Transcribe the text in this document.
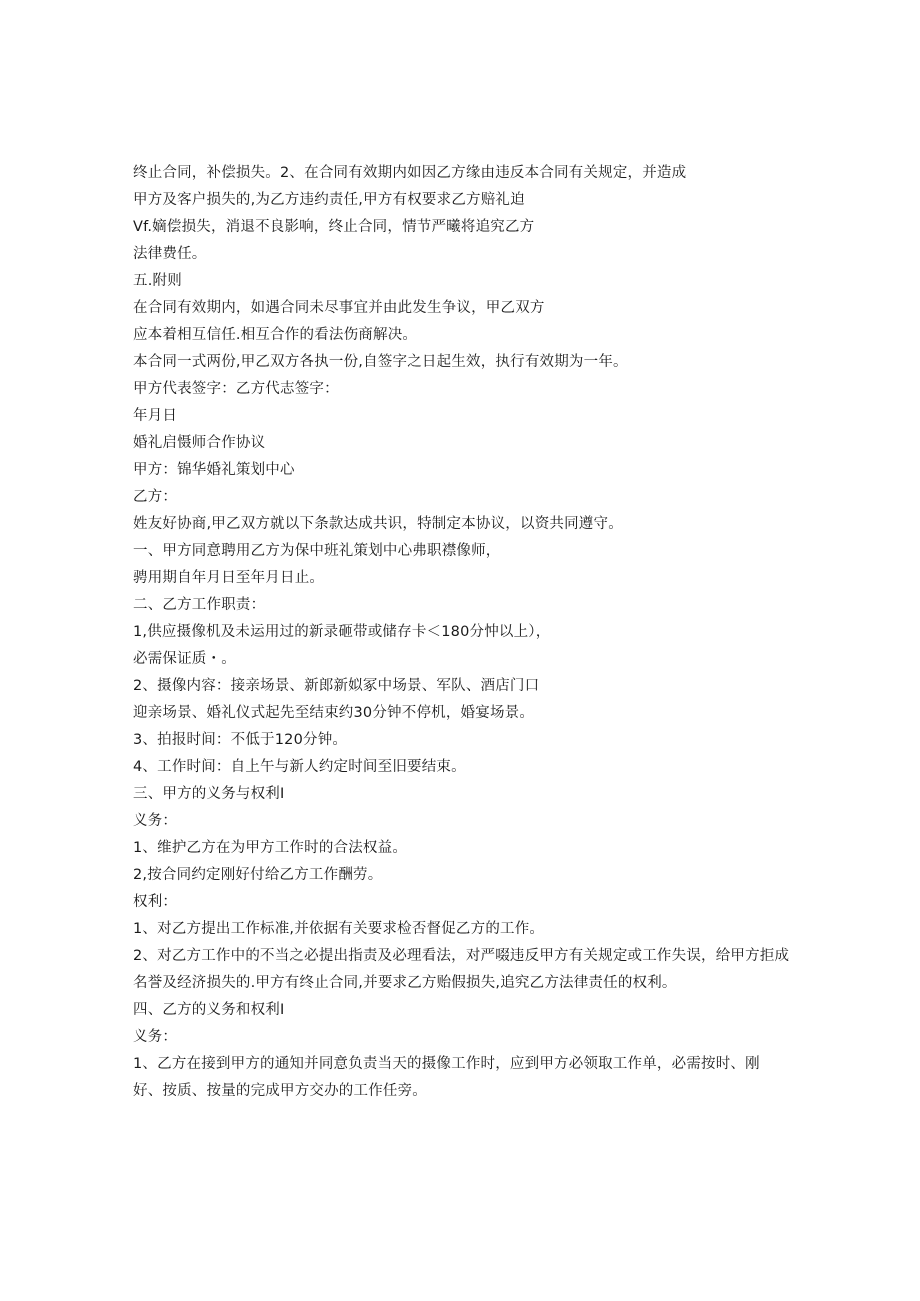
终止合同，补偿损失。2、在合同有效期内如因乙方缘由违反本合同有关规定，并造成
甲方及客户损失的,为乙方违约责任,甲方有权要求乙方赔礼迫
Vf.嫡偿损失，消退不良影响，终止合同，情节严曦将追究乙方
法律费任。
五.附则
在合同有效期内，如遇合同未尽事宜并由此发生争议，甲乙双方
应本着相互信任.相互合作的看法伤商解决。
本合同一式两份,甲乙双方各执一份,自签字之日起生效，执行有效期为一年。
甲方代表签字：乙方代志签字：
年月日
婚礼启慑师合作协议
甲方：锦华婚礼策划中心
乙方：
姓友好协商,甲乙双方就以下条款达成共识，特制定本协议，以资共同遵守。
一、甲方同意聘用乙方为保中班礼策划中心弗职襟像师，
骋用期自年月日至年月日止。
二、乙方工作职责：
1,供应摄像机及未运用过的新录砸带或储存卡＜180分忡以上），
必需保证质・。
2、摄像内容：接亲场景、新郎新姒冢中场景、军队、酒店门口
迎亲场景、婚礼仪式起先至结束约30分钟不停机，婚宴场景。
3、拍报时间：不低于120分钟。
4、工作时间：自上午与新人约定时间至旧要结束。
三、甲方的义务与权利I
义务：
1、维护乙方在为甲方工作时的合法权益。
2,按合同约定刚好付给乙方工作酬劳。
权利：
1、对乙方提出工作标准,并依据有关要求检否督促乙方的工作。
2、对乙方工作中的不当之必提出指责及必理看法，对严啜违反甲方有关规定或工作失误，给甲方拒成
名誉及经济损失的.甲方有终止合同,并要求乙方贻假损失,追究乙方法律责任的权利。
四、乙方的义务和权利I
义务：
1、乙方在接到甲方的通知并同意负责当天的摄像工作时，应到甲方必领取工作单，必需按时、刚
好、按质、按量的完成甲方交办的工作任旁。
